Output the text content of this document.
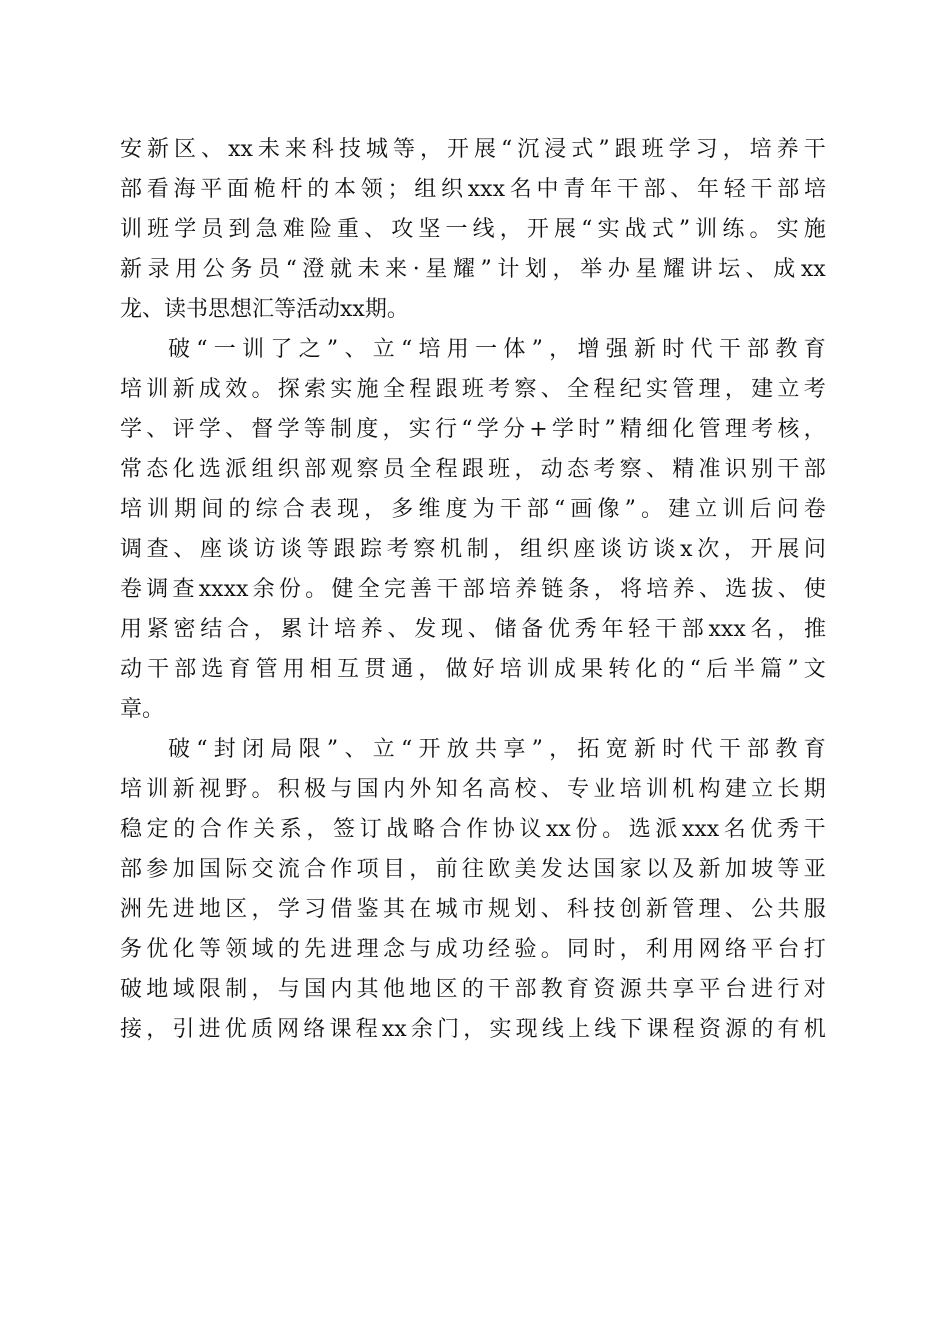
安 新 区 、 xx 未 来 科 技 城 等 ， 开 展 “ 沉 浸 式 ” 跟 班 学 习 ， 培 养 干
部 看 海 平 面 桅 杆 的 本 领 ； 组 织 xxx 名 中 青 年 干 部 、 年 轻 干 部 培
训 班 学 员 到 急 难 险 重 、 攻 坚 一 线 ， 开 展 “ 实 战 式 ” 训 练 。 实 施
新 录 用 公 务 员 “ 澄 就 未 来 · 星 耀 ” 计 划 ， 举 办 星 耀 讲 坛 、 成 xx
龙、读书思想汇等活动xx期。
破 “ 一 训 了 之 ” 、 立 “ 培 用 一 体 ” ， 增 强 新 时 代 干 部 教 育
培 训 新 成 效 。 探 索 实 施 全 程 跟 班 考 察 、 全 程 纪 实 管 理 ， 建 立 考
学 、 评 学 、 督 学 等 制 度 ， 实 行 “ 学 分 + 学 时 ” 精 细 化 管 理 考 核 ，
常 态 化 选 派 组 织 部 观 察 员 全 程 跟 班 ， 动 态 考 察 、 精 准 识 别 干 部
培 训 期 间 的 综 合 表 现 ， 多 维 度 为 干 部 “ 画 像 ” 。 建 立 训 后 问 卷
调 查 、 座 谈 访 谈 等 跟 踪 考 察 机 制 ， 组 织 座 谈 访 谈 x 次 ， 开 展 问
卷 调 查 xxxx 余 份 。 健 全 完 善 干 部 培 养 链 条 ， 将 培 养 、 选 拔 、 使
用 紧 密 结 合 ， 累 计 培 养 、 发 现 、 储 备 优 秀 年 轻 干 部 xxx 名 ， 推
动 干 部 选 育 管 用 相 互 贯 通 ， 做 好 培 训 成 果 转 化 的 “ 后 半 篇 ” 文
章。
破 “ 封 闭 局 限 ” 、 立 “ 开 放 共 享 ” ， 拓 宽 新 时 代 干 部 教 育
培 训 新 视 野 。 积 极 与 国 内 外 知 名 高 校 、 专 业 培 训 机 构 建 立 长 期
稳 定 的 合 作 关 系 ， 签 订 战 略 合 作 协 议 xx 份 。 选 派 xxx 名 优 秀 干
部 参 加 国 际 交 流 合 作 项 目 ， 前 往 欧 美 发 达 国 家 以 及 新 加 坡 等 亚
洲 先 进 地 区 ， 学 习 借 鉴 其 在 城 市 规 划 、 科 技 创 新 管 理 、 公 共 服
务 优 化 等 领 域 的 先 进 理 念 与 成 功 经 验 。 同 时 ， 利 用 网 络 平 台 打
破 地 域 限 制 ， 与 国 内 其 他 地 区 的 干 部 教 育 资 源 共 享 平 台 进 行 对
接 ， 引 进 优 质 网 络 课 程 xx 余 门 ， 实 现 线 上 线 下 课 程 资 源 的 有 机
